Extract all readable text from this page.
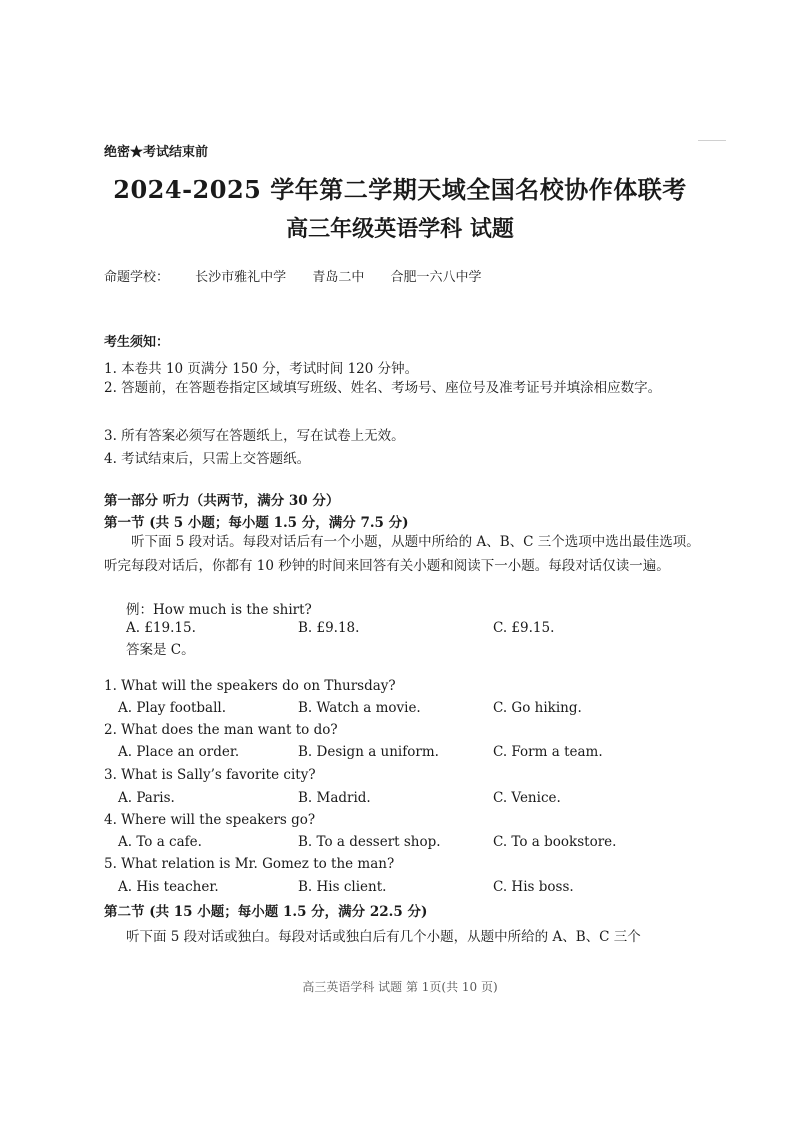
绝密★考试结束前
2024-2025 学年第二学期天域全国名校协作体联考
高三年级英语学科 试题
命题学校： 长沙市雅礼中学 青岛二中 合肥一六八中学
考生须知：
1. 本卷共 10 页满分 150 分，考试时间 120 分钟。
2. 答题前，在答题卷指定区域填写班级、姓名、考场号、座位号及准考证号并填涂相应数字。
3. 所有答案必须写在答题纸上，写在试卷上无效。
4. 考试结束后，只需上交答题纸。
第一部分 听力（共两节，满分 30 分）
第一节 (共 5 小题；每小题 1.5 分，满分 7.5 分)
听下面 5 段对话。每段对话后有一个小题，从题中所给的 A、B、C 三个选项中选出最佳选项。听完每段对话后，你都有 10 秒钟的时间来回答有关小题和阅读下一小题。每段对话仅读一遍。
例：How much is the shirt?
A. £19.15.	B. £9.18.	C. £9.15.
答案是 C。
1. What will the speakers do on Thursday?
A. Play football.	B. Watch a movie.	C. Go hiking.
2. What does the man want to do?
A. Place an order.	B. Design a uniform.	C. Form a team.
3. What is Sally’s favorite city?
A. Paris.	B. Madrid.	C. Venice.
4. Where will the speakers go?
A. To a cafe.	B. To a dessert shop.	C. To a bookstore.
5. What relation is Mr. Gomez to the man?
A. His teacher.	B. His client.	C. His boss.
第二节 (共 15 小题；每小题 1.5 分，满分 22.5 分)
听下面 5 段对话或独白。每段对话或独白后有几个小题，从题中所给的 A、B、C 三个
高三英语学科 试题 第 1页(共 10 页)
